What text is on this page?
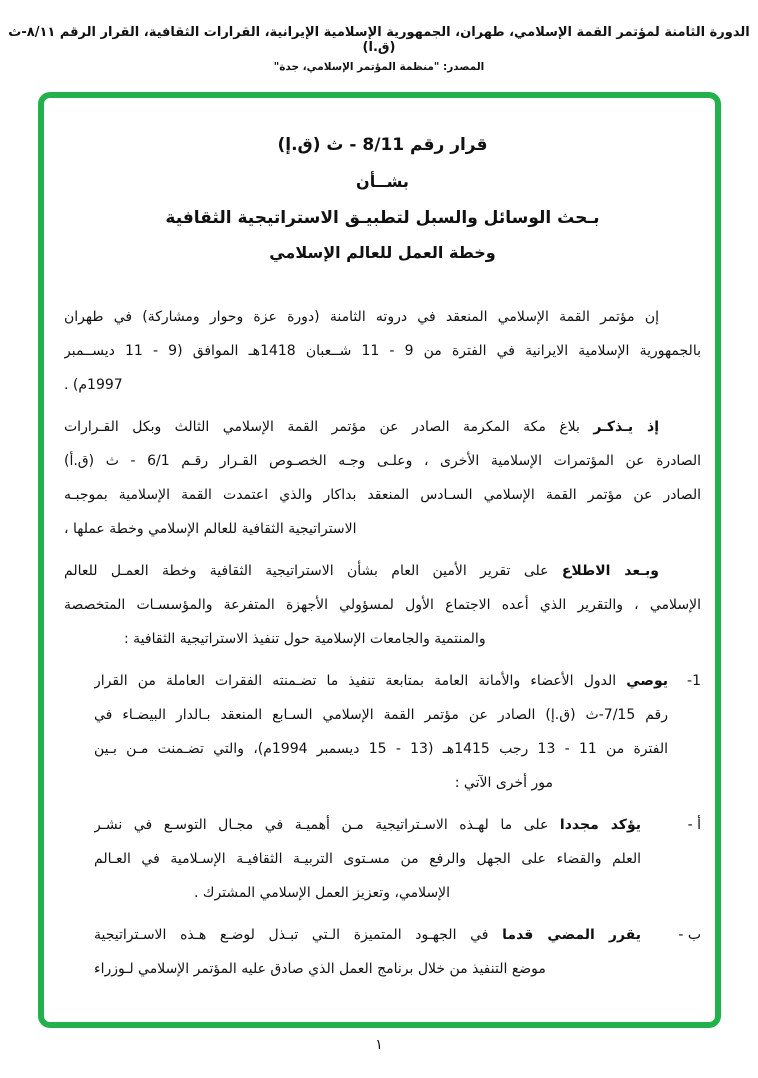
الدورة الثامنة لمؤتمر القمة الإسلامي، طهران، الجمهورية الإسلامية الإيرانية، القرارات الثقافية، القرار الرقم ٨/١١-ث (ق.ا)
المصدر: "منظمة المؤتمر الإسلامي، جدة"
قرار رقم 8/11 - ث (ق.إ)
بشــأن
بـحث الوسائل والسبل لتطبيـق الاستراتيجية الثقافية
وخطة العمل للعالم الإسلامي
إن مؤتمر القمة الإسلامي المنعقد في دروته الثامنة (دورة عزة وحوار ومشاركة) في طهران
بالجمهورية الإسلامية الايرانية في الفترة من 9 - 11 شــعبان 1418هـ الموافق (9 - 11 ديســمبر
1997م) .
إذ يـذكـر بلاغ مكة المكرمة الصادر عن مؤتمر القمة الإسلامي الثالث وبكل القـرارات
الصادرة عن المؤتمرات الإسلامية الأخرى ، وعلـى وجـه الخصـوص القـرار رقـم 6/1 - ث (ق.أ)
الصادر عن مؤتمر القمة الإسلامي السـادس المنعقد بداكار والذي اعتمدت القمة الإسلامية بموجبـه
الاستراتيجية الثقافية للعالم الإسلامي وخطة عملها ،
وبـعد الاطلاع على تقرير الأمين العام بشأن الاستراتيجية الثقافية وخطة العمـل للعالم
الإسلامي ، والتقرير الذي أعده الاجتماع الأول لمسؤولي الأجهزة المتفرعة والمؤسسـات المتخصصة
والمنتمية والجامعات الإسلامية حول تنفيذ الاستراتيجية الثقافية :
1-
يوصي الدول الأعضاء والأمانة العامة بمتابعة تنفيذ ما تضـمنته الفقرات العاملة من القرار
رقم 7/15-ث (ق.إ) الصادر عن مؤتمر القمة الإسلامي السـابع المنعقد بـالدار البيضـاء في
الفترة من 11 - 13 رجب 1415هـ (13 - 15 ديسمبر 1994م)، والتي تضـمنت مـن بـين
مور أخرى الآتي :
أ -
يؤكد مجددا على ما لهـذه الاسـتراتيجية مـن أهميـة في مجـال التوسـع في نشـر
العلم والقضاء على الجهل والرفع من مسـتوى التربيـة الثقافيـة الإسـلامية في العـالم
الإسلامي، وتعزيز العمل الإسلامي المشترك .
ب -
يقرر المضي قدما في الجهـود المتميزة الـتي تبـذل لوضـع هـذه الاسـتراتيجية
موضع التنفيذ من خلال برنامج العمل الذي صادق عليه المؤتمر الإسلامي لـوزراء
١
